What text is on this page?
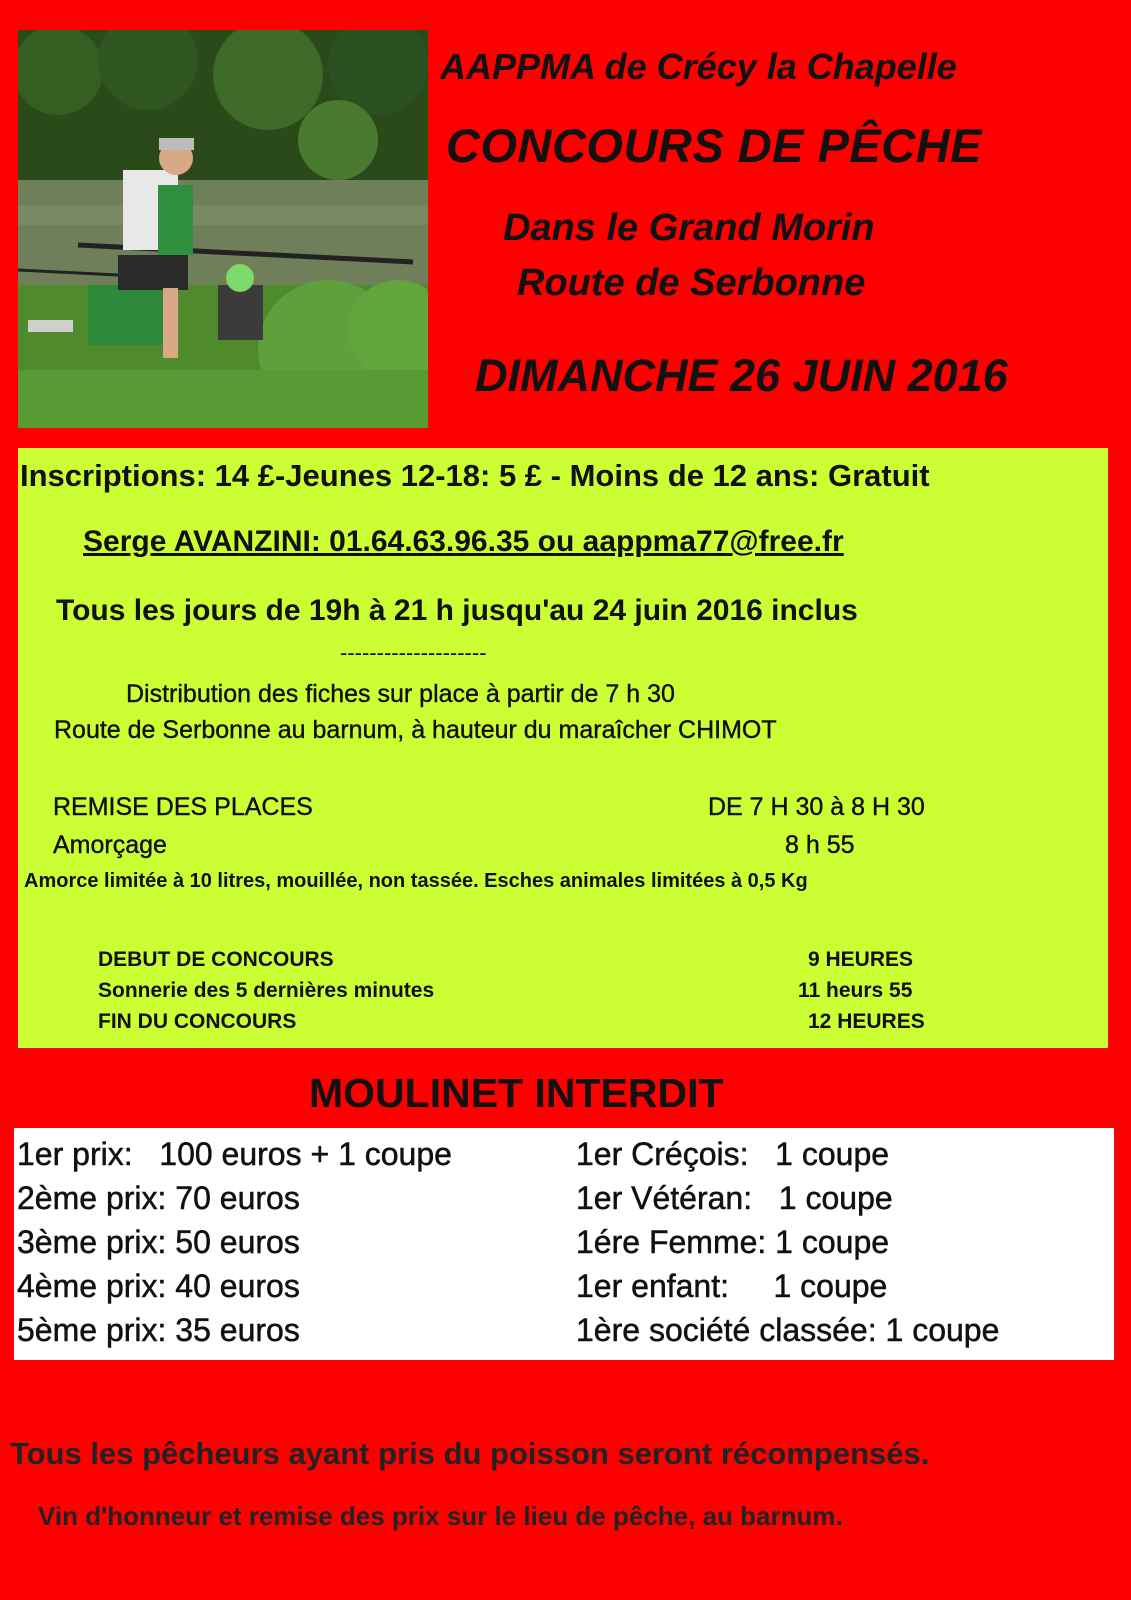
AAPPMA de Crécy la Chapelle
CONCOURS DE PÊCHE
Dans le Grand Morin
Route de Serbonne
DIMANCHE 26 JUIN 2016
Inscriptions: 14 £-Jeunes 12-18: 5 £ - Moins de 12 ans: Gratuit
Serge AVANZINI: 01.64.63.96.35 ou aappma77@free.fr
Tous les jours de 19h à 21 h jusqu'au 24 juin 2016 inclus
--------------------
Distribution des fiches sur place à partir de 7 h 30
Route de Serbonne au barnum, à hauteur du maraîcher CHIMOT
REMISE DES PLACES	DE 7 H 30 à 8 H 30
Amorçage	8 h 55
Amorce limitée à 10 litres, mouillée, non tassée. Esches animales limitées à 0,5 Kg
DEBUT DE CONCOURS	9 HEURES
Sonnerie des 5 dernières minutes	11 heurs 55
FIN DU CONCOURS	12 HEURES
MOULINET INTERDIT
1er prix:   100 euros + 1 coupe
2ème prix: 70 euros
3ème prix: 50 euros
4ème prix: 40 euros
5ème prix: 35 euros
1er Créçois:   1 coupe
1er Vétéran:   1 coupe
1ére Femme: 1 coupe
1er enfant:     1 coupe
1ère société classée: 1 coupe
Tous les pêcheurs ayant pris du poisson seront récompensés.
Vin d'honneur et remise des prix sur le lieu de pêche, au barnum.
